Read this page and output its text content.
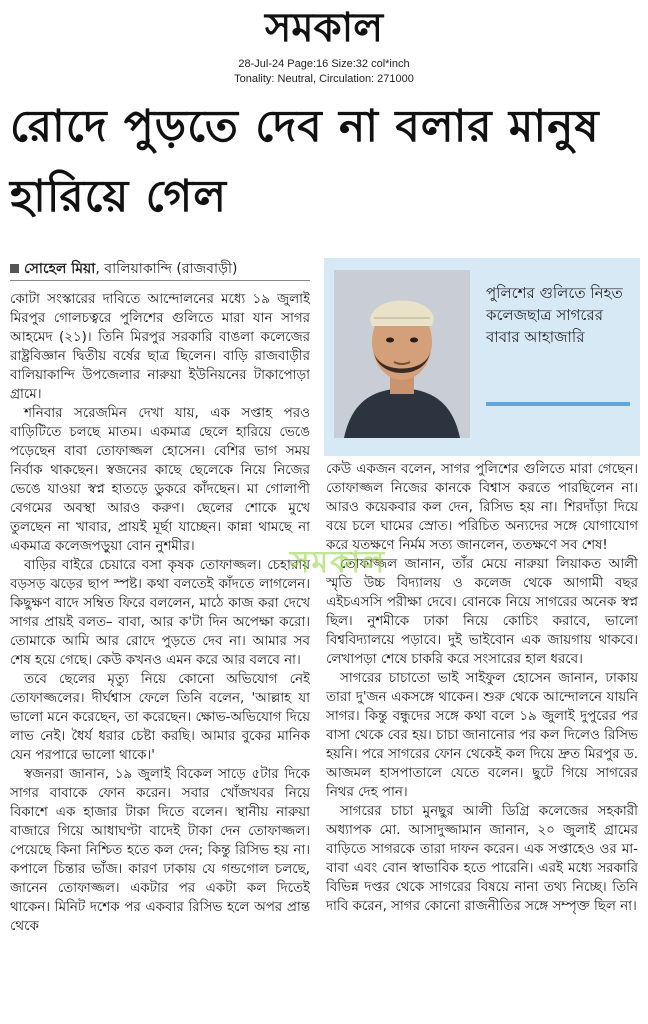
সমকাল
28-Jul-24 Page:16 Size:32 col*inch
Tonality: Neutral, Circulation: 271000
রোদে পুড়তে দেব না বলার মানুষ হারিয়ে গেল
সোহেল মিয়া, বালিয়াকান্দি (রাজবাড়ী)
পুলিশের গুলিতে নিহত কলেজছাত্র সাগরের বাবার আহাজারি

কোটা সংস্কারের দাবিতে আন্দোলনের মধ্যে ১৯ জুলাই মিরপুর গোলচত্বরে পুলিশের গুলিতে মারা যান সাগর আহমেদ (২১)। তিনি মিরপুর সরকারি বাঙলা কলেজের রাষ্ট্রবিজ্ঞান দ্বিতীয় বর্ষের ছাত্র ছিলেন। বাড়ি রাজবাড়ীর বালিয়াকান্দি উপজেলার নারুয়া ইউনিয়নের টাকাপোড়া গ্রামে।

শনিবার সরেজমিন দেখা যায়, এক সপ্তাহ পরও বাড়িটিতে চলছে মাতম। একমাত্র ছেলে হারিয়ে ভেঙে পড়েছেন বাবা তোফাজ্জল হোসেন। বেশির ভাগ সময় নির্বাক থাকছেন। স্বজনের কাছে ছেলেকে নিয়ে নিজের ভেঙে যাওয়া স্বপ্ন হাতড়ে ডুকরে কাঁদছেন। মা গোলাপী বেগমের অবস্থা আরও করুণ। ছেলের শোকে মুখে তুলছেন না খাবার, প্রায়ই মূর্ছা যাচ্ছেন। কান্না থামছে না একমাত্র কলেজপড়ুয়া বোন নুশমীর।

বাড়ির বাইরে চেয়ারে বসা কৃষক তোফাজ্জল। চেহারায় বড়সড় ঝড়ের ছাপ স্পষ্ট। কথা বলতেই কাঁদতে লাগলেন। কিছুক্ষণ বাদে সম্বিত ফিরে বললেন, মাঠে কাজ করা দেখে সাগর প্রায়ই বলত– বাবা, আর ক'টা দিন অপেক্ষা করো। তোমাকে আমি আর রোদে পুড়তে দেব না। আমার সব শেষ হয়ে গেছে। কেউ কখনও এমন করে আর বলবে না।

তবে ছেলের মৃত্যু নিয়ে কোনো অভিযোগ নেই তোফাজ্জলের। দীর্ঘশ্বাস ফেলে তিনি বলেন, 'আল্লাহ যা ভালো মনে করেছেন, তা করেছেন। ক্ষোভ-অভিযোগ দিয়ে লাভ নেই। ধৈর্য ধরার চেষ্টা করছি। আমার বুকের মানিক যেন পরপারে ভালো থাকে।'

স্বজনরা জানান, ১৯ জুলাই বিকেল সাড়ে ৫টার দিকে সাগর বাবাকে ফোন করেন। সবার খোঁজখবর নিয়ে বিকাশে এক হাজার টাকা দিতে বলেন। স্থানীয় নারুয়া বাজারে গিয়ে আধাঘণ্টা বাদেই টাকা দেন তোফাজ্জল। পেয়েছে কিনা নিশ্চিত হতে কল দেন; কিন্তু রিসিভ হয় না। কপালে চিন্তার ভাঁজ। কারণ ঢাকায় যে গন্ডগোল চলছে, জানেন তোফাজ্জল। একটার পর একটা কল দিতেই থাকেন। মিনিট দশেক পর একবার রিসিভ হলে অপর প্রান্ত থেকে

কেউ একজন বলেন, সাগর পুলিশের গুলিতে মারা গেছেন। তোফাজ্জল নিজের কানকে বিশ্বাস করতে পারছিলেন না। আরও কয়েকবার কল দেন, রিসিভ হয় না। শিরদাঁড়া দিয়ে বয়ে চলে ঘামের স্রোত। পরিচিত অন্যদের সঙ্গে যোগাযোগ করে যতক্ষণে নির্মম সত্য জানলেন, ততক্ষণে সব শেষ!

তোফাজ্জল জানান, তাঁর মেয়ে নারুয়া লিয়াকত আলী স্মৃতি উচ্চ বিদ্যালয় ও কলেজ থেকে আগামী বছর এইচএসসি পরীক্ষা দেবে। বোনকে নিয়ে সাগরের অনেক স্বপ্ন ছিল। নুশমীকে ঢাকা নিয়ে কোচিং করাবে, ভালো বিশ্ববিদ্যালয়ে পড়াবে। দুই ভাইবোন এক জায়গায় থাকবে। লেখাপড়া শেষে চাকরি করে সংসারের হাল ধরবে।

সাগরের চাচাতো ভাই সাইফুল হোসেন জানান, ঢাকায় তারা দু'জন একসঙ্গে থাকেন। শুরু থেকে আন্দোলনে যায়নি সাগর। কিন্তু বন্ধুদের সঙ্গে কথা বলে ১৯ জুলাই দুপুরের পর বাসা থেকে বের হয়। চাচা জানানোর পর কল দিলেও রিসিভ হয়নি। পরে সাগরের ফোন থেকেই কল দিয়ে দ্রুত মিরপুর ড. আজমল হাসপাতালে যেতে বলেন। ছুটে গিয়ে সাগরের নিথর দেহ পান।

সাগরের চাচা মুনছুর আলী ডিগ্রি কলেজের সহকারী অধ্যাপক মো. আসাদুজ্জামান জানান, ২০ জুলাই গ্রামের বাড়িতে সাগরকে তারা দাফন করেন। এক সপ্তাহেও ওর মা-বাবা এবং বোন স্বাভাবিক হতে পারেনি। এরই মধ্যে সরকারি বিভিন্ন দপ্তর থেকে সাগরের বিষয়ে নানা তথ্য নিচ্ছে। তিনি দাবি করেন, সাগর কোনো রাজনীতির সঙ্গে সম্পৃক্ত ছিল না।

সমকাল
